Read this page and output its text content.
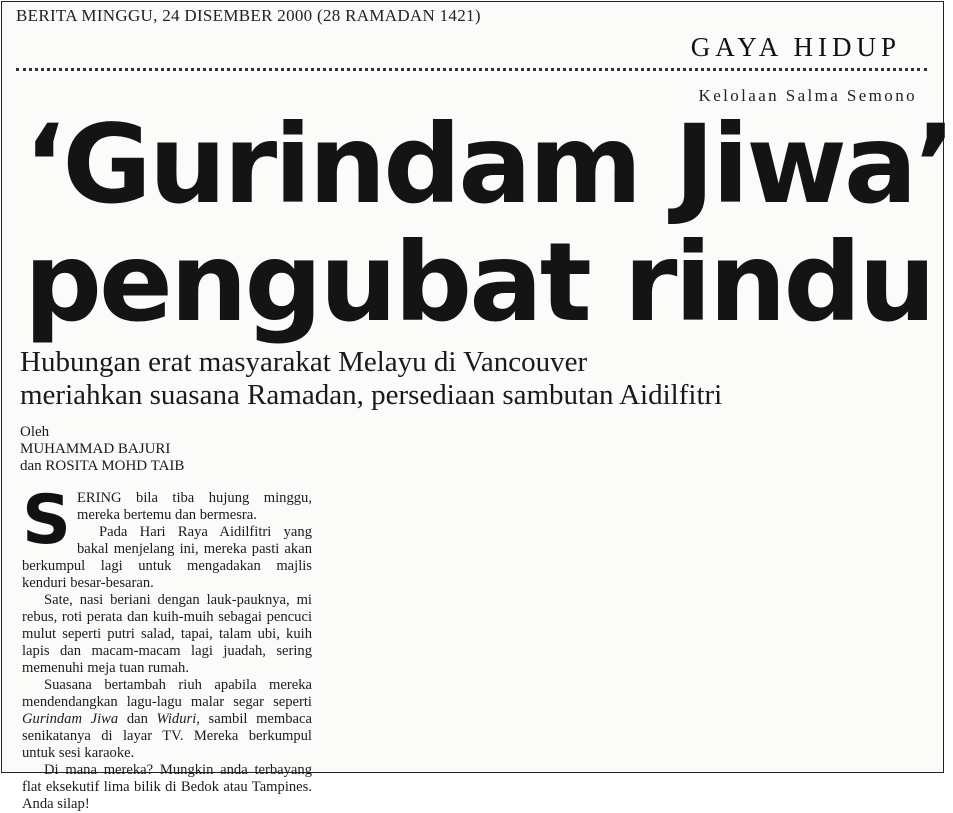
BERITA MINGGU, 24 DISEMBER 2000 (28 RAMADAN 1421)
GAYA HIDUP
Kelolaan Salma Semono
‘Gurindam Jiwa’
pengubat rindu
Hubungan erat masyarakat Melayu di Vancouver
meriahkan suasana Ramadan, persediaan sambutan Aidilfitri
Oleh
MUHAMMAD BAJURI
dan ROSITA MOHD TAIB

SERING bila tiba hujung minggu, mereka bertemu dan bermesra.

Pada Hari Raya Aidilfitri yang bakal menjelang ini, mereka pasti akan berkumpul lagi untuk mengadakan majlis kenduri besar-besaran.

Sate, nasi beriani dengan lauk-pauknya, mi rebus, roti perata dan kuih-muih sebagai pencuci mulut seperti putri salad, tapai, talam ubi, kuih lapis dan macam-macam lagi juadah, sering memenuhi meja tuan rumah.

Suasana bertambah riuh apabila mereka mendendangkan lagu-lagu malar segar seperti Gurindam Jiwa dan Widuri, sambil membaca senikatanya di layar TV. Mereka berkumpul untuk sesi karaoke.

Di mana mereka? Mungkin anda terbayang flat eksekutif lima bilik di Bedok atau Tampines. Anda silap!
